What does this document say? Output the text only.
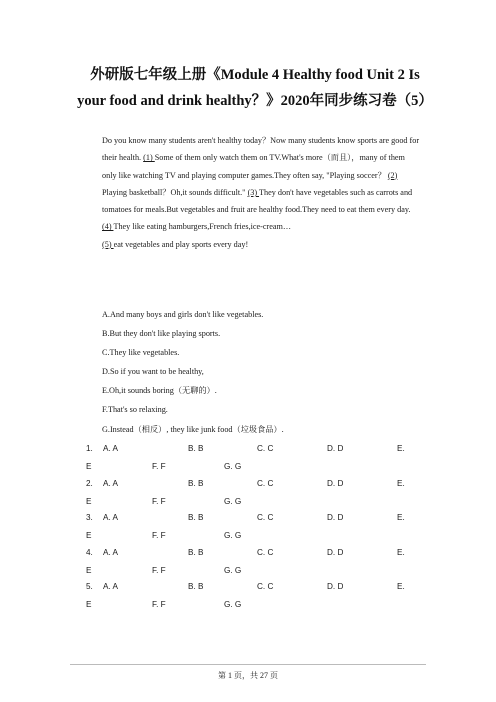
外研版七年级上册《Module 4 Healthy food Unit 2 Is
your food and drink healthy？》2020年同步练习卷（5）

Do you know many students aren't healthy today？Now many students know sports are good for their health. (1) Some of them only watch them on TV.What's more（而且），many of them only like watching TV and playing computer games.They often say, "Playing soccer？ (2) Playing basketball？Oh,it sounds difficult." (3) They don't have vegetables such as carrots and tomatoes for meals.But vegetables and fruit are healthy food.They need to eat them every day. (4) They like eating hamburgers,French fries,ice-cream…

(5) eat vegetables and play sports every day!

A.And many boys and girls don't like vegetables.

B.But they don't like playing sports.

C.They like vegetables.

D.So if you want to be healthy,

E.Oh,it sounds boring（无聊的）.

F.That's so relaxing.

G.Instead（相反）, they like junk food（垃圾食品）.

1. A. A	B. B	C. C	D. D	E.
E	F. F	G. G
2. A. A	B. B	C. C	D. D	E.
E	F. F	G. G
3. A. A	B. B	C. C	D. D	E.
E	F. F	G. G
4. A. A	B. B	C. C	D. D	E.
E	F. F	G. G
5. A. A	B. B	C. C	D. D	E.
E	F. F	G. G
第 1 页，共 27 页
